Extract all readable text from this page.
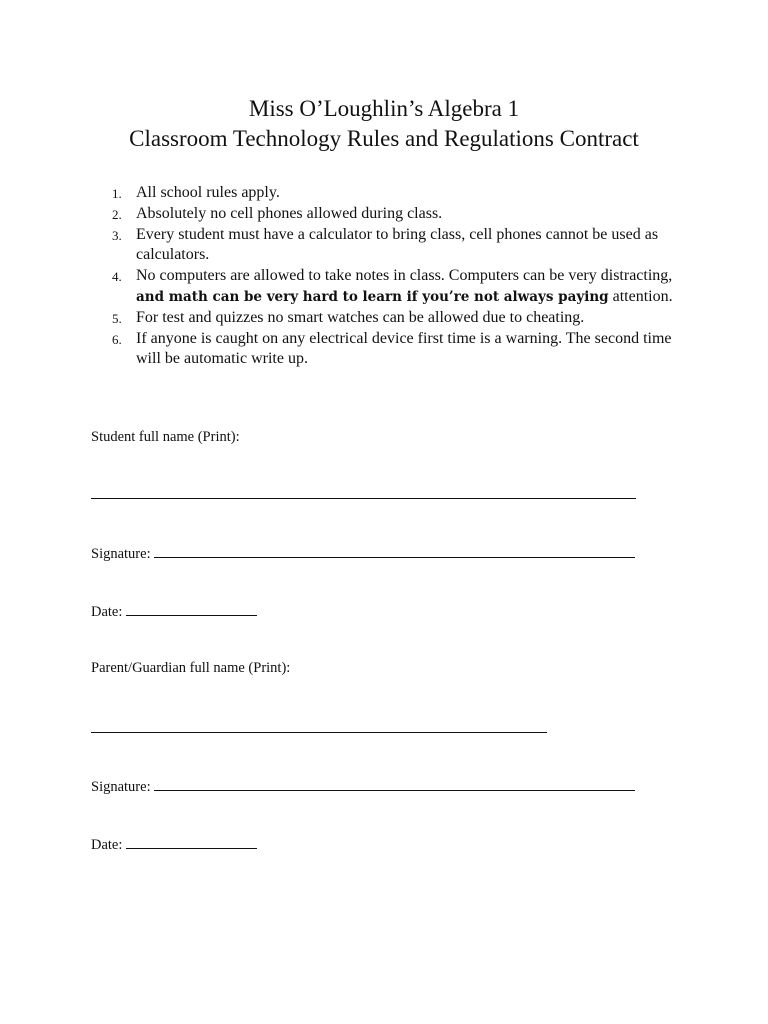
Miss O’Loughlin’s Algebra 1
Classroom Technology Rules and Regulations Contract
1. All school rules apply.
2. Absolutely no cell phones allowed during class.
3. Every student must have a calculator to bring class, cell phones cannot be used as calculators.
4. No computers are allowed to take notes in class. Computers can be very distracting, and math can be very hard to learn if you’re not always paying attention.
5. For test and quizzes no smart watches can be allowed due to cheating.
6. If anyone is caught on any electrical device first time is a warning. The second time will be automatic write up.
Student full name (Print):
Signature:
Date:
Parent/Guardian full name (Print):
Signature:
Date:
